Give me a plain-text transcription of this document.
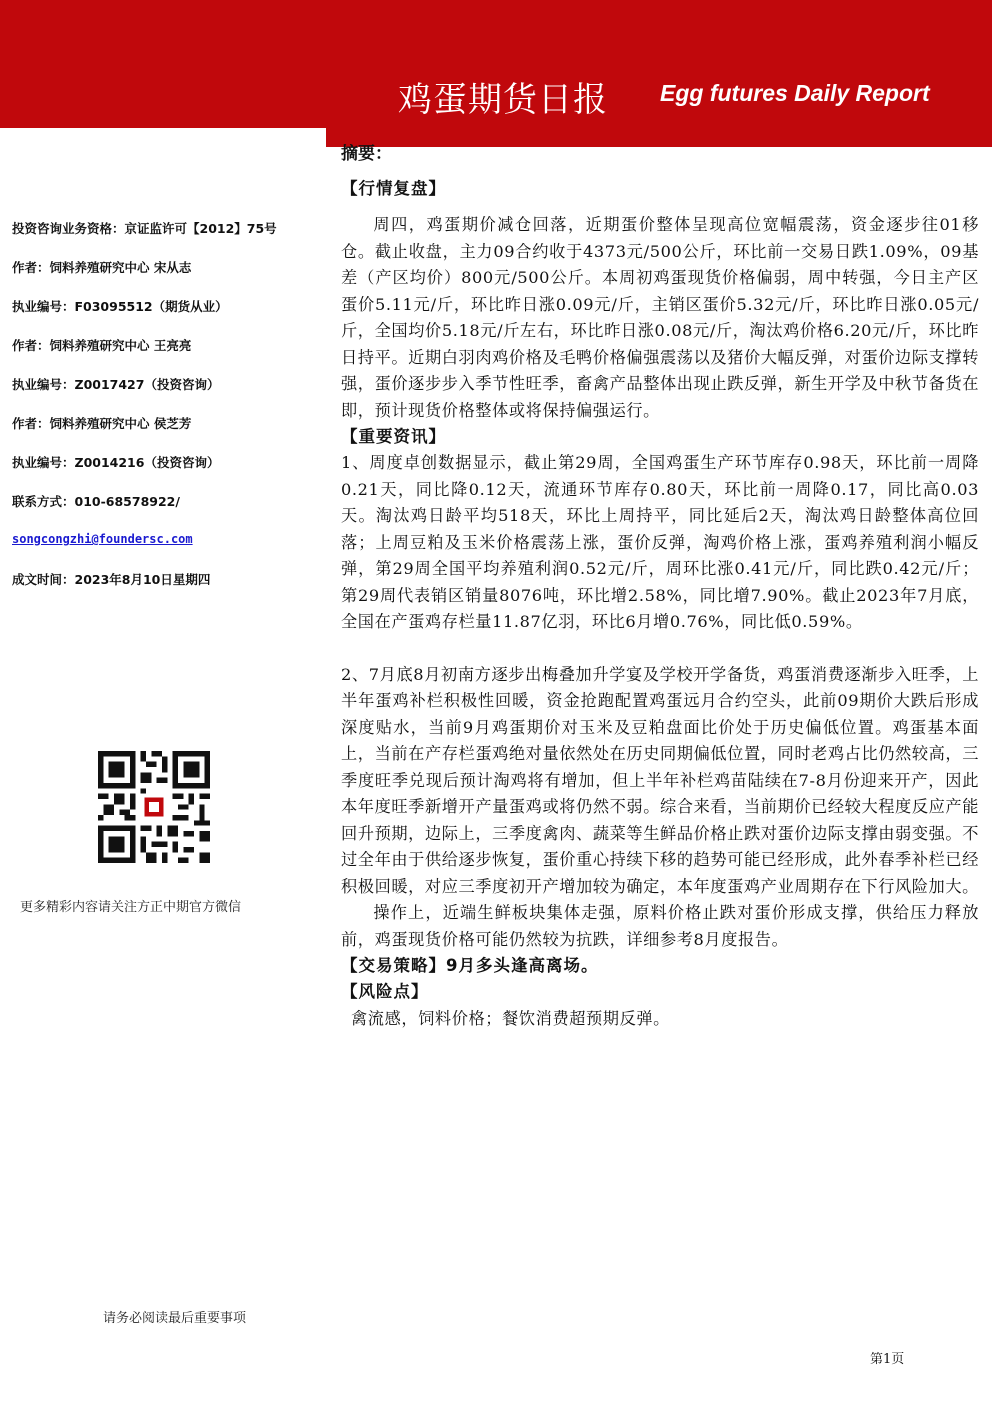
鸡蛋期货日报 Egg futures Daily Report
投资咨询业务资格：京证监许可【2012】75号
作者：饲料养殖研究中心 宋从志
执业编号：F03095512（期货从业）
作者：饲料养殖研究中心 王亮亮
执业编号：Z0017427（投资咨询）
作者：饲料养殖研究中心 侯芝芳
执业编号：Z0014216（投资咨询）
联系方式：010-68578922/
songcongzhi@foundersc.com
成文时间：2023年8月10日星期四
更多精彩内容请关注方正中期官方微信
请务必阅读最后重要事项
摘要：
【行情复盘】

周四，鸡蛋期价减仓回落，近期蛋价整体呈现高位宽幅震荡，资金逐步往01移仓。截止收盘，主力09合约收于4373元/500公斤，环比前一交易日跌1.09%，09基差（产区均价）800元/500公斤。本周初鸡蛋现货价格偏弱，周中转强，今日主产区蛋价5.11元/斤，环比昨日涨0.09元/斤，主销区蛋价5.32元/斤，环比昨日涨0.05元/斤，全国均价5.18元/斤左右，环比昨日涨0.08元/斤，淘汰鸡价格6.20元/斤，环比昨日持平。近期白羽肉鸡价格及毛鸭价格偏强震荡以及猪价大幅反弹，对蛋价边际支撑转强，蛋价逐步步入季节性旺季，畜禽产品整体出现止跌反弹，新生开学及中秋节备货在即，预计现货价格整体或将保持偏强运行。

【重要资讯】

1、周度卓创数据显示，截止第29周，全国鸡蛋生产环节库存0.98天，环比前一周降0.21天，同比降0.12天，流通环节库存0.80天，环比前一周降0.17，同比高0.03天。淘汰鸡日龄平均518天，环比上周持平，同比延后2天，淘汰鸡日龄整体高位回落；上周豆粕及玉米价格震荡上涨，蛋价反弹，淘鸡价格上涨，蛋鸡养殖利润小幅反弹，第29周全国平均养殖利润0.52元/斤，周环比涨0.41元/斤，同比跌0.42元/斤；第29周代表销区销量8076吨，环比增2.58%，同比增7.90%。截止2023年7月底，全国在产蛋鸡存栏量11.87亿羽，环比6月增0.76%，同比低0.59%。

2、7月底8月初南方逐步出梅叠加升学宴及学校开学备货，鸡蛋消费逐渐步入旺季，上半年蛋鸡补栏积极性回暖，资金抢跑配置鸡蛋远月合约空头，此前09期价大跌后形成深度贴水，当前9月鸡蛋期价对玉米及豆粕盘面比价处于历史偏低位置。鸡蛋基本面上，当前在产存栏蛋鸡绝对量依然处在历史同期偏低位置，同时老鸡占比仍然较高，三季度旺季兑现后预计淘鸡将有增加，但上半年补栏鸡苗陆续在7-8月份迎来开产，因此本年度旺季新增开产量蛋鸡或将仍然不弱。综合来看，当前期价已经较大程度反应产能回升预期，边际上，三季度禽肉、蔬菜等生鲜品价格止跌对蛋价边际支撑由弱变强。不过全年由于供给逐步恢复，蛋价重心持续下移的趋势可能已经形成，此外春季补栏已经积极回暖，对应三季度初开产增加较为确定，本年度蛋鸡产业周期存在下行风险加大。

操作上，近端生鲜板块集体走强，原料价格止跌对蛋价形成支撑，供给压力释放前，鸡蛋现货价格可能仍然较为抗跌，详细参考8月度报告。

【交易策略】9月多头逢高离场。
【风险点】

禽流感，饲料价格；餐饮消费超预期反弹。

第1页
